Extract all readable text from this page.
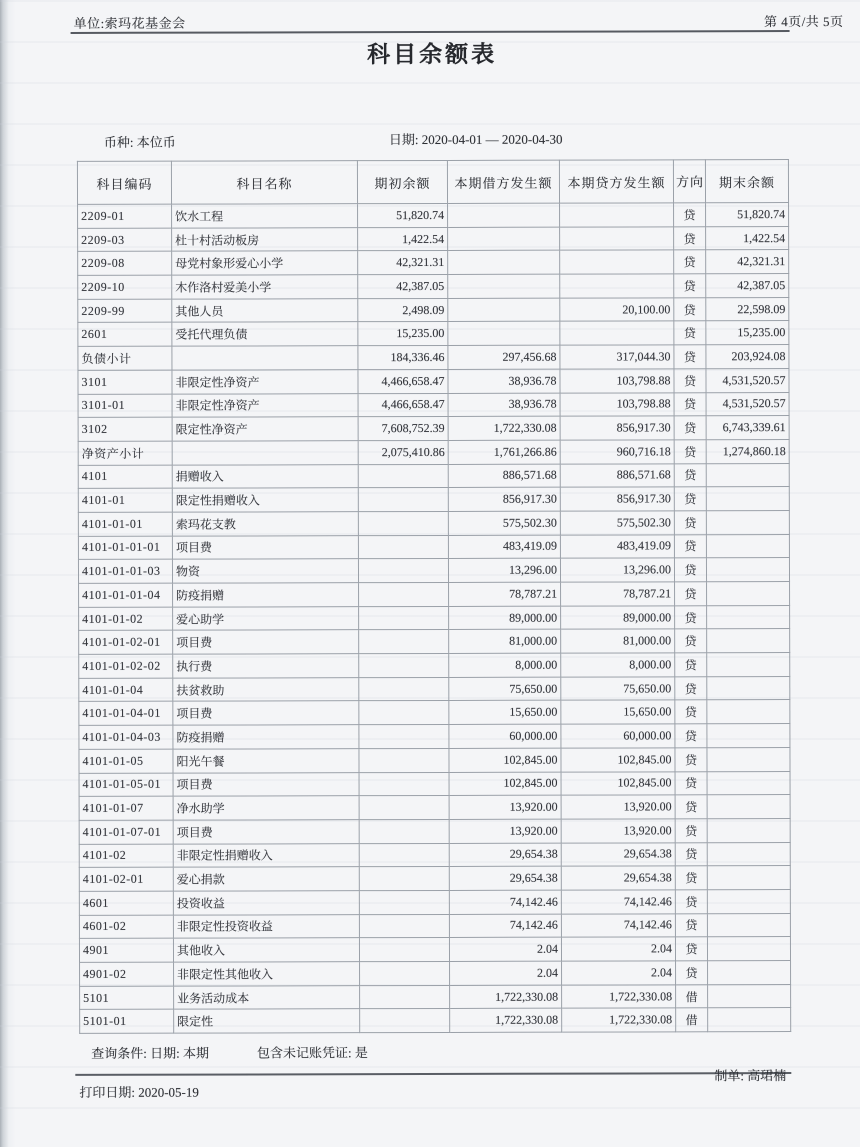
单位:索玛花基金会	第 4页/共 5页
科目余额表
币种: 本位币	日期: 2020-04-01 — 2020-04-30
科目编码	科目名称	期初余额	本期借方发生额	本期贷方发生额	方向	期末余额
2209-01	饮水工程	51,820.74			贷	51,820.74
2209-03	杜十村活动板房	1,422.54			贷	1,422.54
2209-08	母党村象形爱心小学	42,321.31			贷	42,321.31
2209-10	木作洛村爱美小学	42,387.05			贷	42,387.05
2209-99	其他人员	2,498.09		20,100.00	贷	22,598.09
2601	受托代理负债	15,235.00			贷	15,235.00
负债小计		184,336.46	297,456.68	317,044.30	贷	203,924.08
3101	非限定性净资产	4,466,658.47	38,936.78	103,798.88	贷	4,531,520.57
3101-01	非限定性净资产	4,466,658.47	38,936.78	103,798.88	贷	4,531,520.57
3102	限定性净资产	7,608,752.39	1,722,330.08	856,917.30	贷	6,743,339.61
净资产小计		2,075,410.86	1,761,266.86	960,716.18	贷	1,274,860.18
4101	捐赠收入		886,571.68	886,571.68	贷	
4101-01	限定性捐赠收入		856,917.30	856,917.30	贷	
4101-01-01	索玛花支教		575,502.30	575,502.30	贷	
4101-01-01-01	项目费		483,419.09	483,419.09	贷	
4101-01-01-03	物资		13,296.00	13,296.00	贷	
4101-01-01-04	防疫捐赠		78,787.21	78,787.21	贷	
4101-01-02	爱心助学		89,000.00	89,000.00	贷	
4101-01-02-01	项目费		81,000.00	81,000.00	贷	
4101-01-02-02	执行费		8,000.00	8,000.00	贷	
4101-01-04	扶贫救助		75,650.00	75,650.00	贷	
4101-01-04-01	项目费		15,650.00	15,650.00	贷	
4101-01-04-03	防疫捐赠		60,000.00	60,000.00	贷	
4101-01-05	阳光午餐		102,845.00	102,845.00	贷	
4101-01-05-01	项目费		102,845.00	102,845.00	贷	
4101-01-07	净水助学		13,920.00	13,920.00	贷	
4101-01-07-01	项目费		13,920.00	13,920.00	贷	
4101-02	非限定性捐赠收入		29,654.38	29,654.38	贷	
4101-02-01	爱心捐款		29,654.38	29,654.38	贷	
4601	投资收益		74,142.46	74,142.46	贷	
4601-02	非限定性投资收益		74,142.46	74,142.46	贷	
4901	其他收入		2.04	2.04	贷	
4901-02	非限定性其他收入		2.04	2.04	贷	
5101	业务活动成本		1,722,330.08	1,722,330.08	借	
5101-01	限定性		1,722,330.08	1,722,330.08	借	
查询条件: 日期: 本期	包含未记账凭证: 是
打印日期: 2020-05-19
制单: 高珺楠
